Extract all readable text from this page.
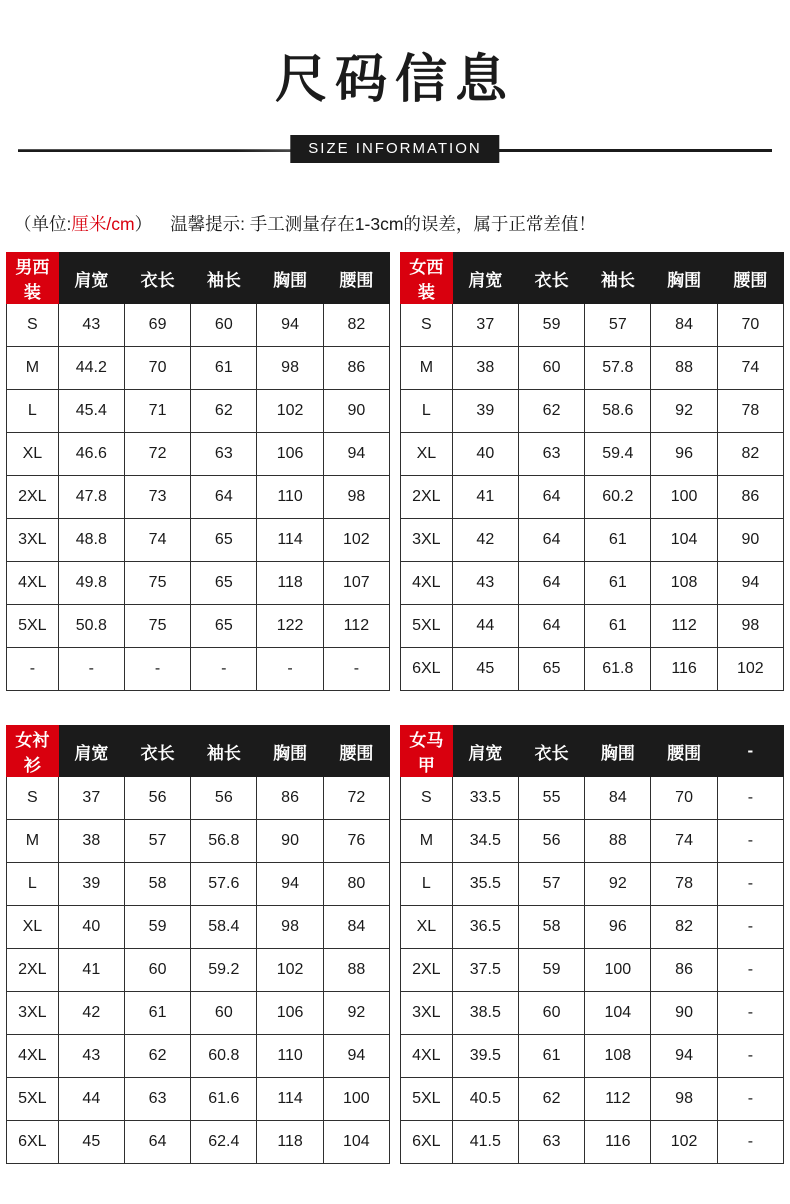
尺码信息
SIZE INFORMATION
（单位:厘米/cm） 温馨提示: 手工测量存在1-3cm的误差，属于正常差值！
男西装	肩宽	衣长	袖长	胸围	腰围
S	43	69	60	94	82
M	44.2	70	61	98	86
L	45.4	71	62	102	90
XL	46.6	72	63	106	94
2XL	47.8	73	64	110	98
3XL	48.8	74	65	114	102
4XL	49.8	75	65	118	107
5XL	50.8	75	65	122	112
-	-	-	-	-	-
女西装	肩宽	衣长	袖长	胸围	腰围
S	37	59	57	84	70
M	38	60	57.8	88	74
L	39	62	58.6	92	78
XL	40	63	59.4	96	82
2XL	41	64	60.2	100	86
3XL	42	64	61	104	90
4XL	43	64	61	108	94
5XL	44	64	61	112	98
6XL	45	65	61.8	116	102
女衬衫	肩宽	衣长	袖长	胸围	腰围
S	37	56	56	86	72
M	38	57	56.8	90	76
L	39	58	57.6	94	80
XL	40	59	58.4	98	84
2XL	41	60	59.2	102	88
3XL	42	61	60	106	92
4XL	43	62	60.8	110	94
5XL	44	63	61.6	114	100
6XL	45	64	62.4	118	104
女马甲	肩宽	衣长	胸围	腰围	-
S	33.5	55	84	70	-
M	34.5	56	88	74	-
L	35.5	57	92	78	-
XL	36.5	58	96	82	-
2XL	37.5	59	100	86	-
3XL	38.5	60	104	90	-
4XL	39.5	61	108	94	-
5XL	40.5	62	112	98	-
6XL	41.5	63	116	102	-
